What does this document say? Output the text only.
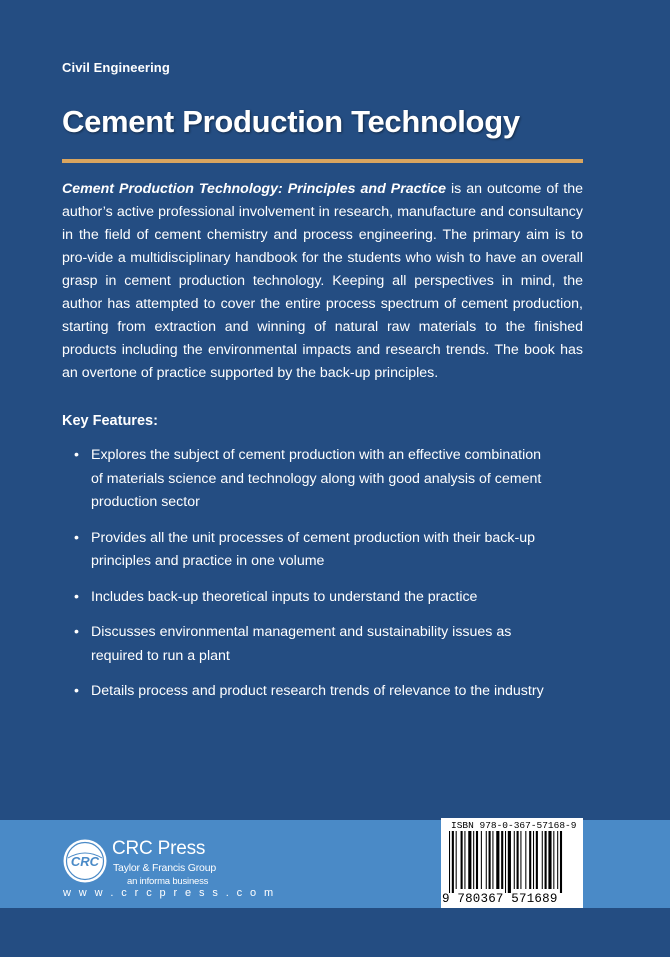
Civil Engineering
Cement Production Technology

Cement Production Technology: Principles and Practice is an outcome of the author’s active professional involvement in research, manufacture and consultancy in the field of cement chemistry and process engineering. The primary aim is to pro-vide a multidisciplinary handbook for the students who wish to have an overall grasp in cement production technology. Keeping all perspectives in mind, the author has attempted to cover the entire process spectrum of cement production, starting from extraction and winning of natural raw materials to the finished products including the environmental impacts and research trends. The book has an overtone of practice supported by the back-up principles.

Key Features:
• Explores the subject of cement production with an effective combination of materials science and technology along with good analysis of cement production sector
• Provides all the unit processes of cement production with their back-up principles and practice in one volume
• Includes back-up theoretical inputs to understand the practice
• Discusses environmental management and sustainability issues as required to run a plant
• Details process and product research trends of relevance to the industry
CRC
CRC Press
Taylor & Francis Group
an informa business
w w w . c r c p r e s s . c o m
ISBN 978-0-367-57168-9
9 780367 571689
